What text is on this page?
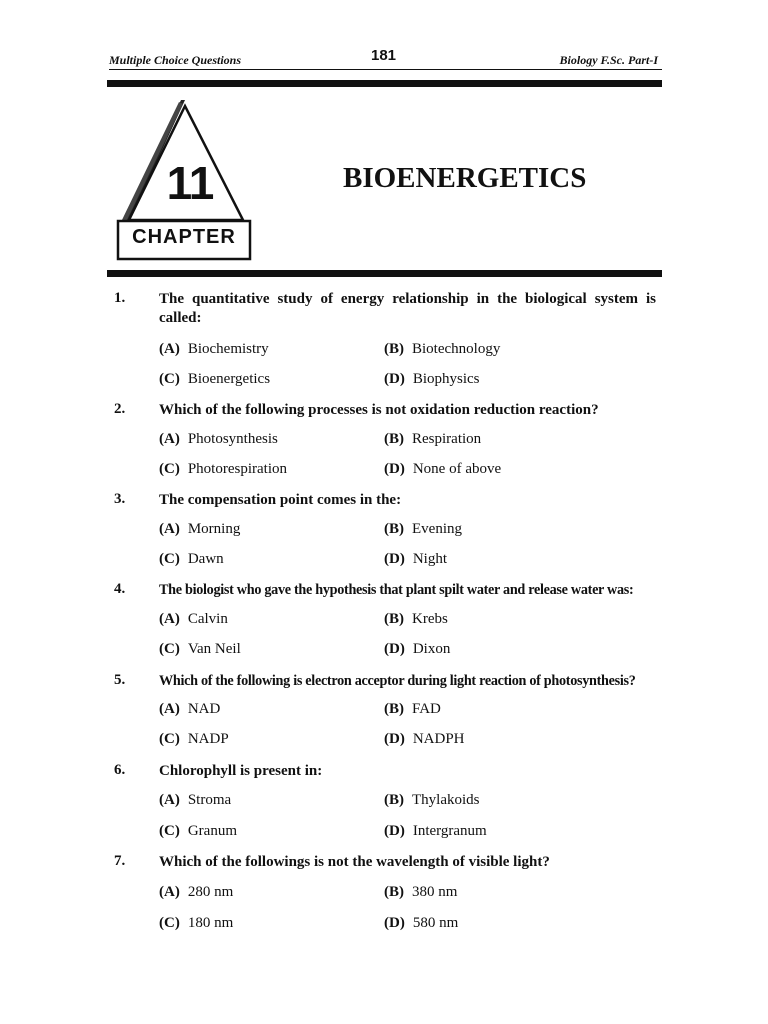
Multiple Choice Questions	181	Biology F.Sc. Part-I
11
CHAPTER
BIOENERGETICS
1. The quantitative study of energy relationship in the biological system is called:
(A) Biochemistry	(B) Biotechnology
(C) Bioenergetics	(D) Biophysics
2. Which of the following processes is not oxidation reduction reaction?
(A) Photosynthesis	(B) Respiration
(C) Photorespiration	(D) None of above
3. The compensation point comes in the:
(A) Morning	(B) Evening
(C) Dawn	(D) Night
4. The biologist who gave the hypothesis that plant spilt water and release water was:
(A) Calvin	(B) Krebs
(C) Van Neil	(D) Dixon
5. Which of the following is electron acceptor during light reaction of photosynthesis?
(A) NAD	(B) FAD
(C) NADP	(D) NADPH
6. Chlorophyll is present in:
(A) Stroma	(B) Thylakoids
(C) Granum	(D) Intergranum
7. Which of the followings is not the wavelength of visible light?
(A) 280 nm	(B) 380 nm
(C) 180 nm	(D) 580 nm
